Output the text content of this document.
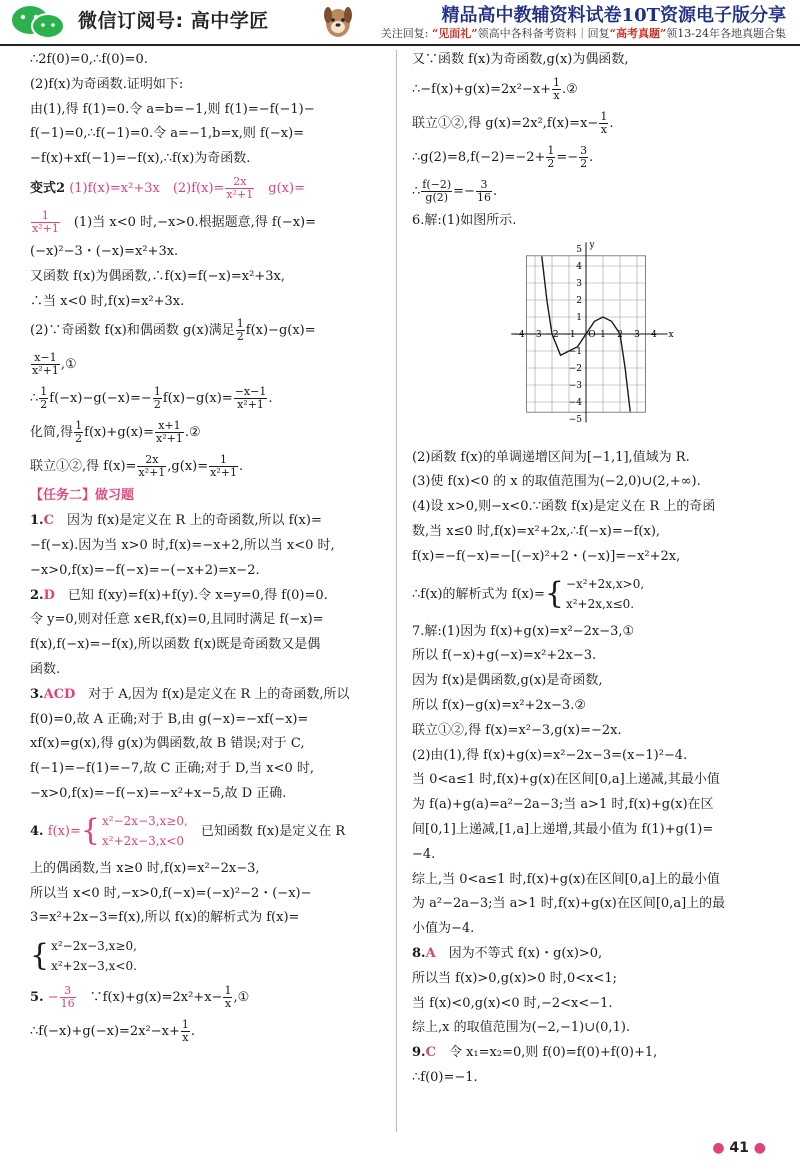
微信订阅号: 高中学匠	精品高中教辅资料试卷10T资源电子版分享
关注回复: “见面礼”领高中各科备考资料｜回复“高考真题”领13-24年各地真题合集

∴2f(0)=0,∴f(0)=0.

(2)f(x)为奇函数.证明如下:

由(1),得 f(1)=0.令 a=b=−1,则 f(1)=−f(−1)−

f(−1)=0,∴f(−1)=0.令 a=−1,b=x,则 f(−x)=

−f(x)+xf(−1)=−f(x),∴f(x)为奇函数.

变式2 (1)f(x)=x²+3x　$(2)f(x)= \frac{2x}{\text{x²+1}}$ 　g(x)=

$\frac{1}{\text{x²+1}}$ 　(1)当 x<0 时,−x>0.根据题意,得 f(−x)=

(−x)²−3・(−x)=x²+3x.

又函数 f(x)为偶函数,∴f(x)=f(−x)=x²+3x,

∴当 x<0 时,f(x)=x²+3x.

(2)∵奇函数 f(x)和偶函数 g(x)满足 $\frac{1}{2} f(x)-g(x)=$

$\frac{x-1}{\text{x²+1}}$ ,①

∴ $\frac{1}{2} f(-x)-g(-x)=- \frac{1}{2} f(x)-g(x)= \frac{-x-1}{\text{x²+1}}$ .

化简,得 $\frac{1}{2} f(x)+g(x)= \frac{x+1}{\text{x²+1}}$ .②

联立①②,得 $f(x)= \frac{2x}{\text{x²+1}} ,g(x)= \frac{1}{\text{x²+1}}$ .

【任务二】做习题

1.C　因为 f(x)是定义在 R 上的奇函数,所以 f(x)=

−f(−x).因为当 x>0 时,f(x)=−x+2,所以当 x<0 时,

−x>0,f(x)=−f(−x)=−(−x+2)=x−2.

2.D　已知 f(xy)=f(x)+f(y).令 x=y=0,得 f(0)=0.

令 y=0,则对任意 x∈R,f(x)=0,且同时满足 f(−x)=

f(x),f(−x)=−f(x),所以函数 f(x)既是奇函数又是偶

函数.

3.ACD　对于 A,因为 f(x)是定义在 R 上的奇函数,所以

f(0)=0,故 A 正确;对于 B,由 g(−x)=−xf(−x)=

xf(x)=g(x),得 g(x)为偶函数,故 B 错误;对于 C,

f(−1)=−f(1)=−7,故 C 正确;对于 D,当 x<0 时,

−x>0,f(x)=−f(−x)=−x²+x−5,故 D 正确.

4. f(x)={ x²−2x−3,x≥0,
x²+2x−3,x<0
　已知函数 f(x)是定义在 R

上的偶函数,当 x≥0 时,f(x)=x²−2x−3,

所以当 x<0 时,−x>0,f(−x)=(−x)²−2・(−x)−

3=x²+2x−3=f(x),所以 f(x)的解析式为 f(x)=

{ x²−2x−3,x≥0,
x²+2x−3,x<0.

5. − $\frac{3}{16}$ 　∵f(x)+g(x)=2x²+x− $\frac{1}{x}$ ,①

∴f(−x)+g(−x)=2x²−x+ $\frac{1}{x}$ .

又∵函数 f(x)为奇函数,g(x)为偶函数,

∴−f(x)+g(x)=2x²−x+ $\frac{1}{x}$ .②

联立①②,得 $g(x)=2x^2,f(x)=x- \frac{1}{x}$ .

∴g(2)=8,f(−2)=−2+ $\frac{1}{2} =- \frac{3}{2}$ .

∴ $\frac{f(-2)}{g(2)} =- \frac{3}{16}$ .

6.解:(1)如图所示.

−4 −3 −2 −1 O 1 2 3 4
5
4
3
2
1
−1
−2
−3
−4
−5
x
y

(2)函数 f(x)的单调递增区间为[−1,1],值域为 R.

(3)使 f(x)<0 的 x 的取值范围为(−2,0)∪(2,+∞).

(4)设 x>0,则−x<0.∵函数 f(x)是定义在 R 上的奇函

数,当 x≤0 时,f(x)=x²+2x,∴f(−x)=−f(x),

f(x)=−f(−x)=−[(−x)²+2・(−x)]=−x²+2x,

∴f(x)的解析式为 f(x)={ −x²+2x,x>0,
x²+2x,x≤0.

7.解:(1)因为 f(x)+g(x)=x²−2x−3,①

所以 f(−x)+g(−x)=x²+2x−3.

因为 f(x)是偶函数,g(x)是奇函数,

所以 f(x)−g(x)=x²+2x−3.②

联立①②,得 f(x)=x²−3,g(x)=−2x.

(2)由(1),得 f(x)+g(x)=x²−2x−3=(x−1)²−4.

当 0<a≤1 时,f(x)+g(x)在区间[0,a]上递减,其最小值

为 f(a)+g(a)=a²−2a−3;当 a>1 时,f(x)+g(x)在区

间[0,1]上递减,[1,a]上递增,其最小值为 f(1)+g(1)=

−4.

综上,当 0<a≤1 时,f(x)+g(x)在区间[0,a]上的最小值

为 a²−2a−3;当 a>1 时,f(x)+g(x)在区间[0,a]上的最

小值为−4.

8.A　因为不等式 f(x)・g(x)>0,

所以当 f(x)>0,g(x)>0 时,0<x<1;

当 f(x)<0,g(x)<0 时,−2<x<−1.

综上,x 的取值范围为(−2,−1)∪(0,1).

9.C　令 x₁=x₂=0,则 f(0)=f(0)+f(0)+1,

∴f(0)=−1.

● 41 ●
